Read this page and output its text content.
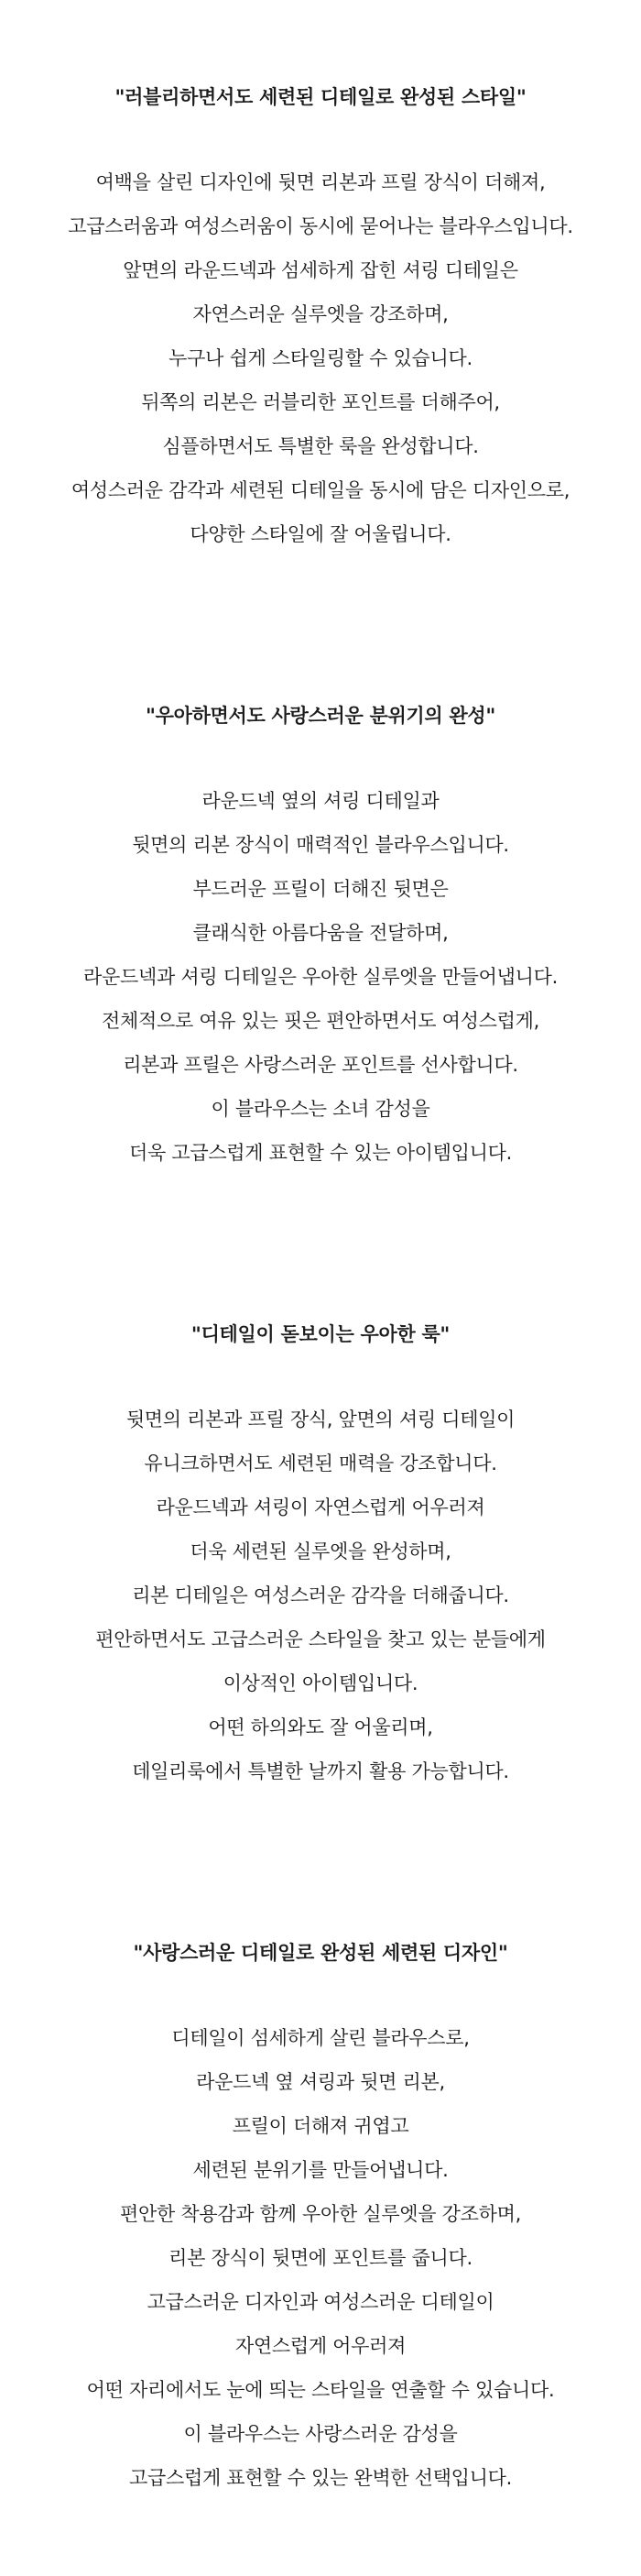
"러블리하면서도 세련된 디테일로 완성된 스타일"
여백을 살린 디자인에 뒷면 리본과 프릴 장식이 더해져,
고급스러움과 여성스러움이 동시에 묻어나는 블라우스입니다.
앞면의 라운드넥과 섬세하게 잡힌 셔링 디테일은
자연스러운 실루엣을 강조하며,
누구나 쉽게 스타일링할 수 있습니다.
뒤쪽의 리본은 러블리한 포인트를 더해주어,
심플하면서도 특별한 룩을 완성합니다.
여성스러운 감각과 세련된 디테일을 동시에 담은 디자인으로,
다양한 스타일에 잘 어울립니다.
"우아하면서도 사랑스러운 분위기의 완성"
라운드넥 옆의 셔링 디테일과
뒷면의 리본 장식이 매력적인 블라우스입니다.
부드러운 프릴이 더해진 뒷면은
클래식한 아름다움을 전달하며,
라운드넥과 셔링 디테일은 우아한 실루엣을 만들어냅니다.
전체적으로 여유 있는 핏은 편안하면서도 여성스럽게,
리본과 프릴은 사랑스러운 포인트를 선사합니다.
이 블라우스는 소녀 감성을
더욱 고급스럽게 표현할 수 있는 아이템입니다.
"디테일이 돋보이는 우아한 룩"
뒷면의 리본과 프릴 장식, 앞면의 셔링 디테일이
유니크하면서도 세련된 매력을 강조합니다.
라운드넥과 셔링이 자연스럽게 어우러져
더욱 세련된 실루엣을 완성하며,
리본 디테일은 여성스러운 감각을 더해줍니다.
편안하면서도 고급스러운 스타일을 찾고 있는 분들에게
이상적인 아이템입니다.
어떤 하의와도 잘 어울리며,
데일리룩에서 특별한 날까지 활용 가능합니다.
"사랑스러운 디테일로 완성된 세련된 디자인"
디테일이 섬세하게 살린 블라우스로,
라운드넥 옆 셔링과 뒷면 리본,
프릴이 더해져 귀엽고
세련된 분위기를 만들어냅니다.
편안한 착용감과 함께 우아한 실루엣을 강조하며,
리본 장식이 뒷면에 포인트를 줍니다.
고급스러운 디자인과 여성스러운 디테일이
자연스럽게 어우러져
어떤 자리에서도 눈에 띄는 스타일을 연출할 수 있습니다.
이 블라우스는 사랑스러운 감성을
고급스럽게 표현할 수 있는 완벽한 선택입니다.
